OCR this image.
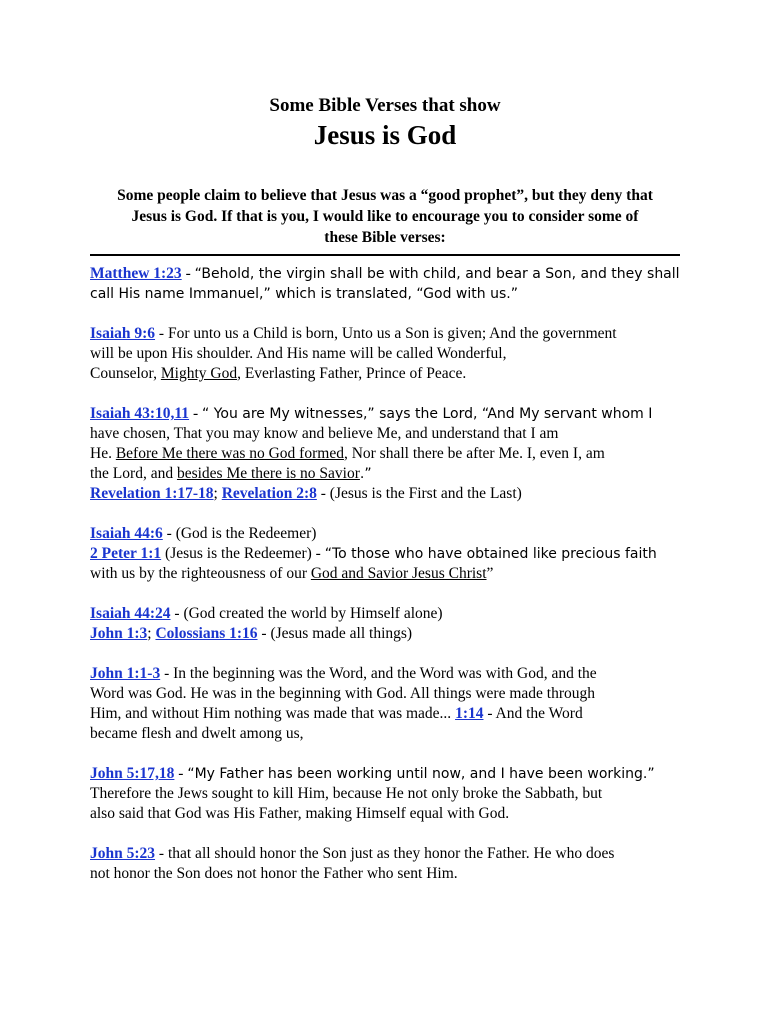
Some Bible Verses that show

Jesus is God

Some people claim to believe that Jesus was a “good prophet”, but they deny that
Jesus is God. If that is you, I would like to encourage you to consider some of
these Bible verses:
Matthew 1:23 - “Behold, the virgin shall be with child, and bear a Son, and they shall
call His name Immanuel,” which is translated, “God with us.”
Isaiah 9:6 - For unto us a Child is born, Unto us a Son is given; And the government
will be upon His shoulder. And His name will be called Wonderful,
Counselor, Mighty God, Everlasting Father, Prince of Peace.
Isaiah 43:10,11 - “ You are My witnesses,” says the Lord, “And My servant whom I
have chosen, That you may know and believe Me, and understand that I am
He. Before Me there was no God formed, Nor shall there be after Me. I, even I, am
the Lord, and besides Me there is no Savior.”
Revelation 1:17-18; Revelation 2:8 - (Jesus is the First and the Last)
Isaiah 44:6 - (God is the Redeemer)
2 Peter 1:1 (Jesus is the Redeemer) - “To those who have obtained like precious faith
with us by the righteousness of our God and Savior Jesus Christ”
Isaiah 44:24 - (God created the world by Himself alone)
John 1:3; Colossians 1:16 - (Jesus made all things)
John 1:1-3 - In the beginning was the Word, and the Word was with God, and the
Word was God. He was in the beginning with God. All things were made through
Him, and without Him nothing was made that was made... 1:14 - And the Word
became flesh and dwelt among us,
John 5:17,18 - “My Father has been working until now, and I have been working.”
Therefore the Jews sought to kill Him, because He not only broke the Sabbath, but
also said that God was His Father, making Himself equal with God.
John 5:23 - that all should honor the Son just as they honor the Father. He who does
not honor the Son does not honor the Father who sent Him.
